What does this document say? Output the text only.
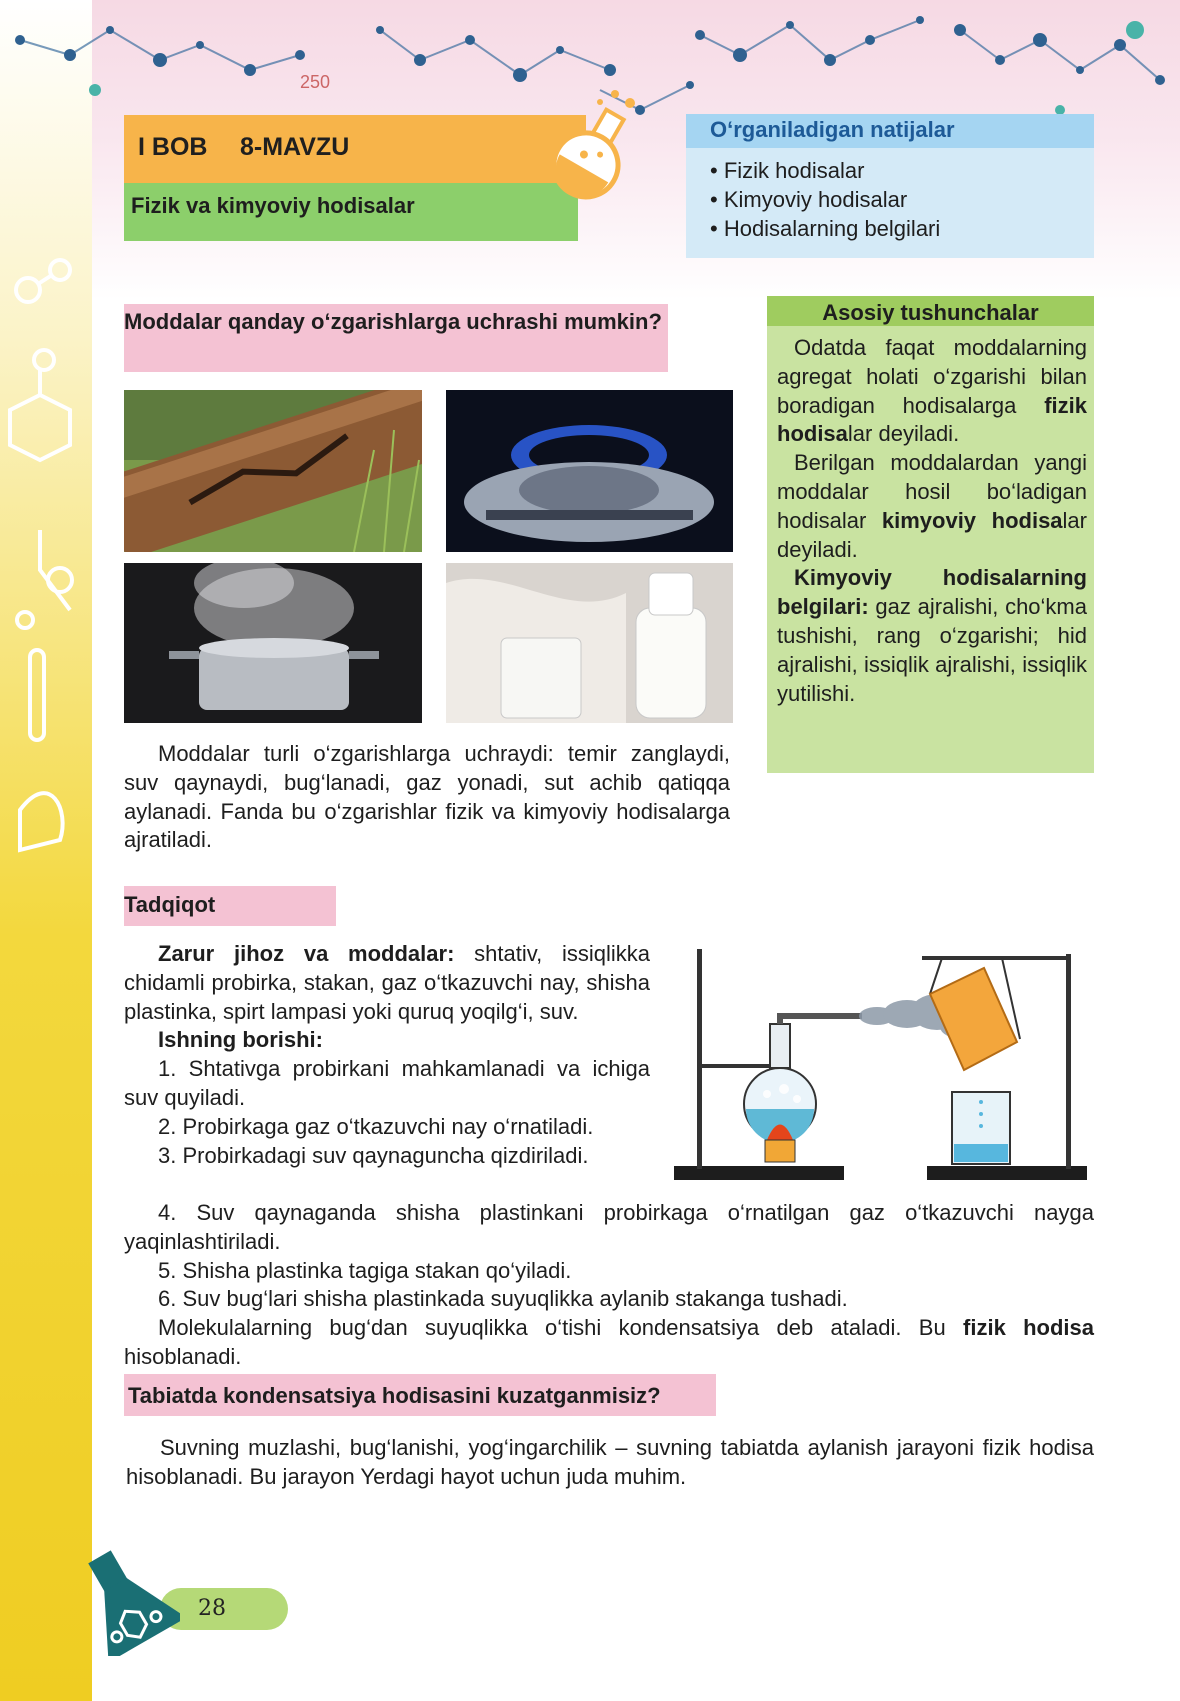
250
I BOB 8-MAVZU
Fizik va kimyoviy hodisalar
O‘rganiladigan natijalar
• Fizik hodisalar
• Kimyoviy hodisalar
• Hodisalarning belgilari
Moddalar qanday o‘zgarishlarga uchrashi mumkin?

Moddalar turli o‘zgarishlarga uchraydi: temir zanglaydi, suv qaynaydi, bug‘lanadi, gaz yonadi, sut achib qatiqqa aylanadi. Fanda bu o‘zgarishlar fizik va kimyoviy hodisalarga ajratiladi.

Asosiy tushunchalar

Odatda faqat moddalarning agregat holati o‘zgarishi bilan boradigan hodisalarga fizik hodisalar deyiladi.

Berilgan moddalardan yangi moddalar hosil bo‘ladigan hodisalar kimyoviy hodisalar deyiladi.

Kimyoviy hodisalarning belgilari: gaz ajralishi, cho‘kma tushishi, rang o‘zgarishi; hid ajralishi, issiqlik ajralishi, issiqlik yutilishi.

Tadqiqot

Zarur jihoz va moddalar: shtativ, issiqlikka chidamli probirka, stakan, gaz o‘tkazuvchi nay, shisha plastinka, spirt lampasi yoki quruq yoqilg‘i, suv.

Ishning borishi:

1. Shtativga probirkani mahkamlanadi va ichiga suv quyiladi.

2. Probirkaga gaz o‘tkazuvchi nay o‘rnatiladi.

3. Probirkadagi suv qaynaguncha qizdiriladi.

4. Suv qaynaganda shisha plastinkani probirkaga o‘rnatilgan gaz o‘tkazuvchi nayga yaqinlashtiriladi.

5. Shisha plastinka tagiga stakan qo‘yiladi.

6. Suv bug‘lari shisha plastinkada suyuqlikka aylanib stakanga tushadi.

Molekulalarning bug‘dan suyuqlikka o‘tishi kondensatsiya deb ataladi. Bu fizik hodisa hisoblanadi.

Tabiatda kondensatsiya hodisasini kuzatganmisiz?

Suvning muzlashi, bug‘lanishi, yog‘ingarchilik – suvning tabiatda aylanish jarayoni fizik hodisa hisoblanadi. Bu jarayon Yerdagi hayot uchun juda muhim.

28
